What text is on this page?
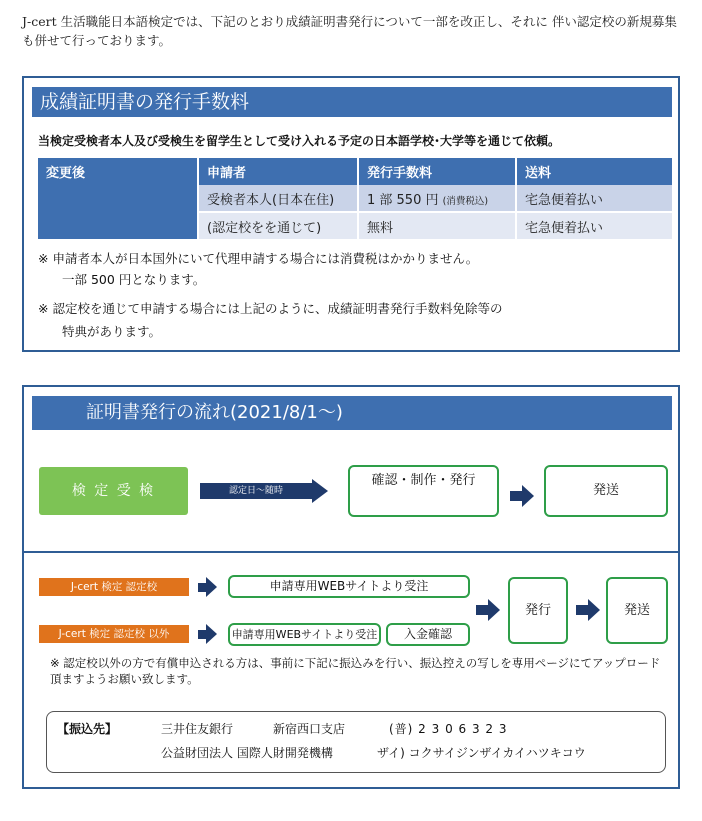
J-cert 生活職能日本語検定では、下記のとおり成績証明書発行について一部を改正し、それに 伴い認定校の新規募集も併せて行っております。
成績証明書の発行手数料
当検定受検者本人及び受検生を留学生として受け入れる予定の日本語学校･大学等を通じて依頼。
変更後	申請者	発行手数料	送料
	受検者本人(日本在住)	1 部 550 円 (消費税込)	宅急便着払い
	(認定校をを通じて)	無料	宅急便着払い
※ 申請者本人が日本国外にいて代理申請する場合には消費税はかかりません。
一部 500 円となります。
※ 認定校を通じて申請する場合には上記のように、成績証明書発行手数料免除等の
特典があります。
証明書発行の流れ(2021/8/1～)
検 定 受 検	認定日～随時
確認・制作・発行
発送
J-cert 検定 認定校	申請専用WEBサイトより受注
J-cert 検定 認定校 以外	申請専用WEBサイトより受注	入金確認
発行	発送
※ 認定校以外の方で有償申込される方は、事前に下記に振込みを行い、振込控えの写しを専用ページにてアップロード頂ますようお願い致します。
【振込先】	三井住友銀行	新宿西口支店	(普) 2 3 0 6 3 2 3
公益財団法人 国際人財開発機構	ザイ) コクサイジンザイカイハツキコウ
